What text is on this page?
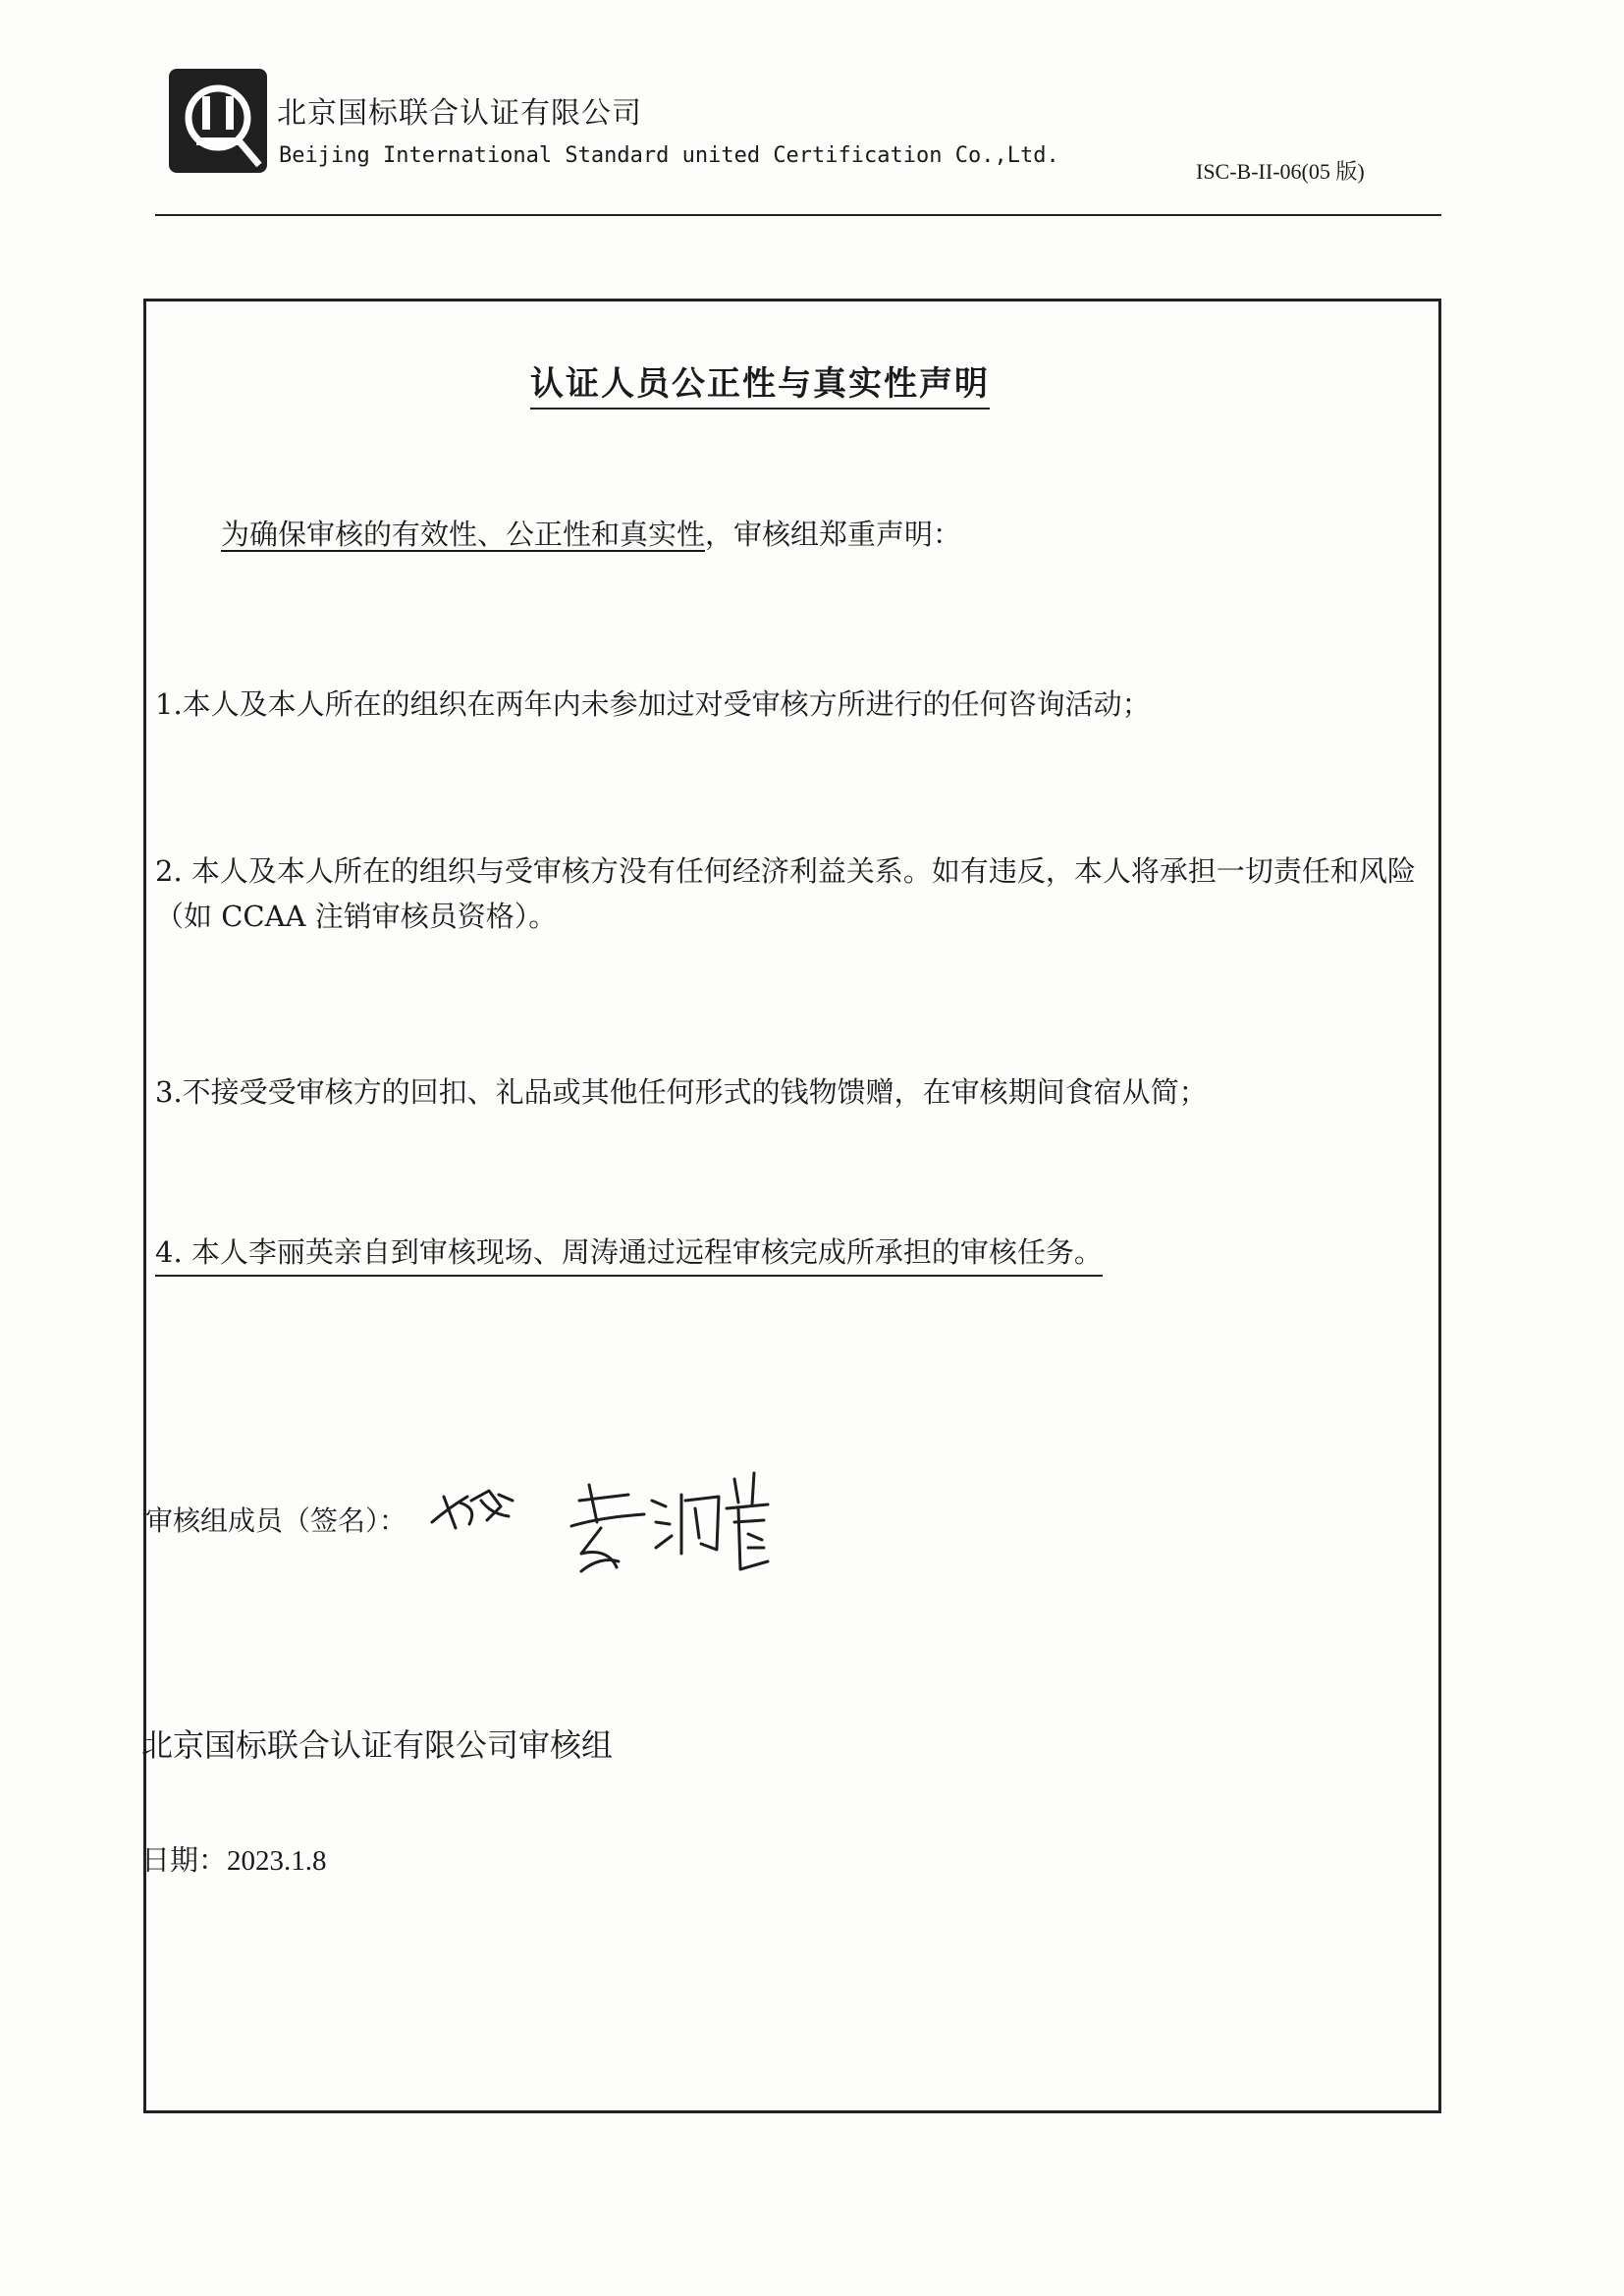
北京国标联合认证有限公司
Beijing International Standard united Certification Co.,Ltd.
ISC-B-II-06(05 版)
认证人员公正性与真实性声明
为确保审核的有效性、公正性和真实性，审核组郑重声明：
1.本人及本人所在的组织在两年内未参加过对受审核方所进行的任何咨询活动；
2. 本人及本人所在的组织与受审核方没有任何经济利益关系。如有违反，本人将承担一切责任和风险（如 CCAA 注销审核员资格）。
3.不接受受审核方的回扣、礼品或其他任何形式的钱物馈赠，在审核期间食宿从简；
4. 本人李丽英亲自到审核现场、周涛通过远程审核完成所承担的审核任务。
审核组成员（签名）：
北京国标联合认证有限公司审核组
日期：2023.1.8
